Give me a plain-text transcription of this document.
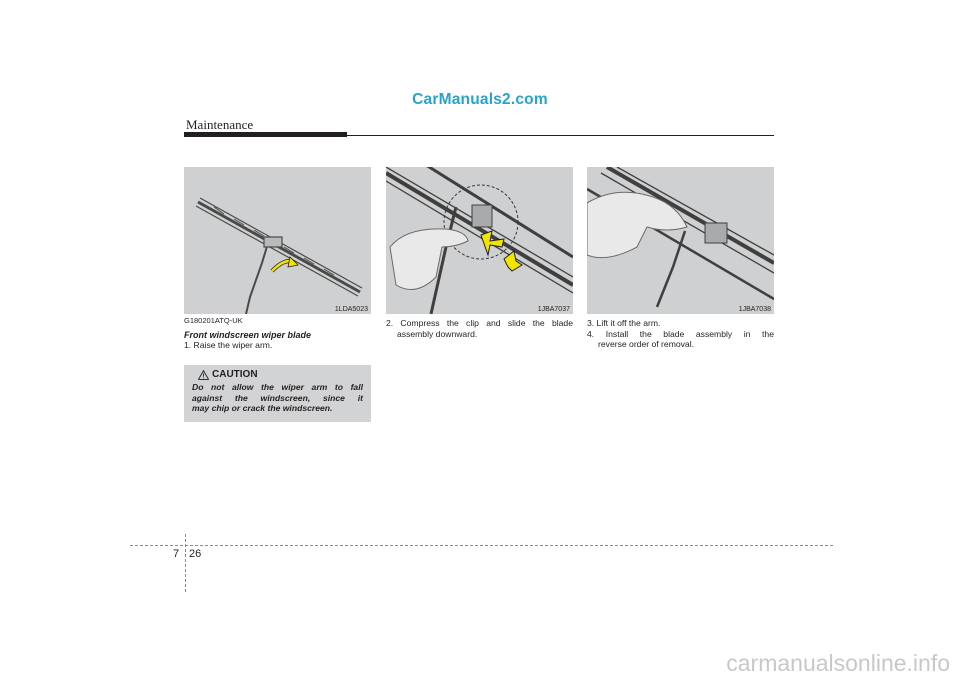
CarManuals2.com
Maintenance
1LDA5023	1JBA7037	1JBA7038
G180201ATQ-UK
Front windscreen wiper blade
1. Raise the wiper arm.
CAUTION
Do not allow the wiper arm to fall
against the windscreen, since it
may chip or crack the windscreen.
2. Compress the clip and slide the blade
assembly downward.
3. Lift it off the arm.
4. Install the blade assembly in the
reverse order of removal.
7 26
carmanualsonline.info
